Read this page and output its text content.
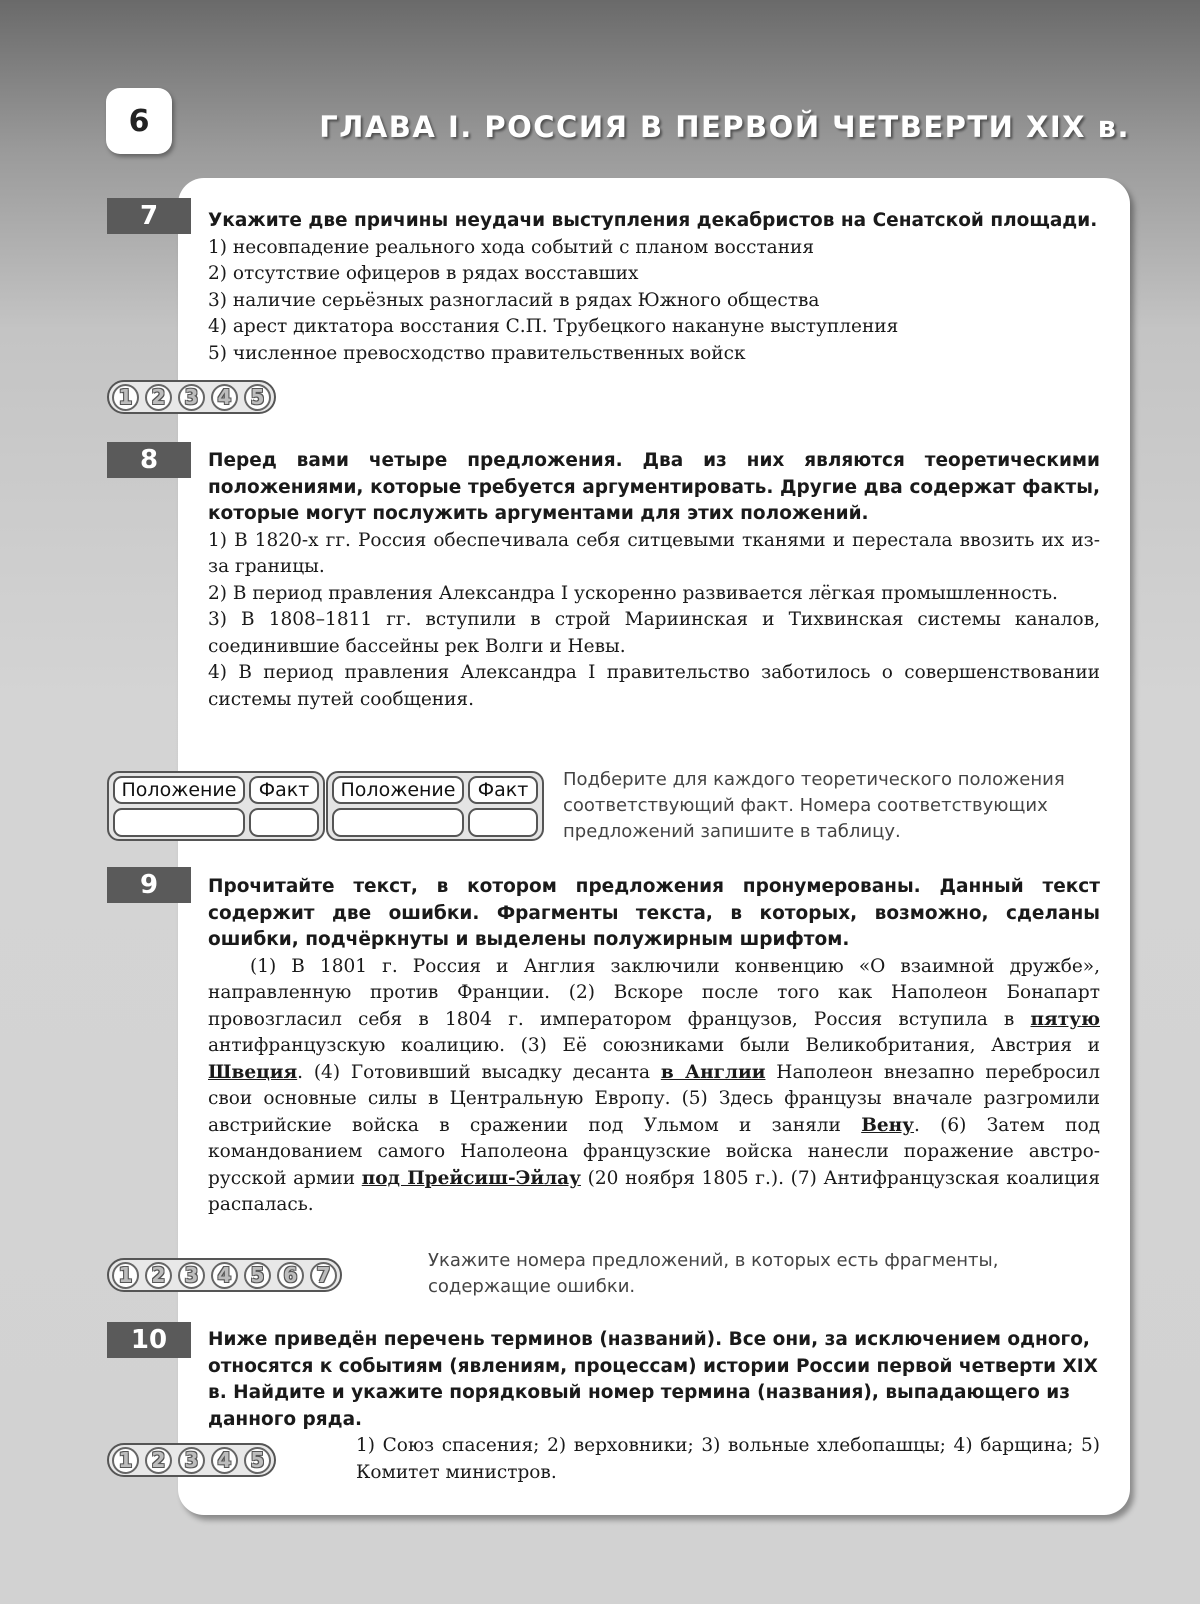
6	ГЛАВА I. РОССИЯ В ПЕРВОЙ ЧЕТВЕРТИ XIX в.
7	Укажите две причины неудачи выступления декабристов на Сенатской площади.
1) несовпадение реального хода событий с планом восстания
2) отсутствие офицеров в рядах восставших
3) наличие серьёзных разногласий в рядах Южного общества
4) арест диктатора восстания С.П. Трубецкого накануне выступления
5) численное превосходство правительственных войск
1 2 3 4 5
8	Перед вами четыре предложения. Два из них являются теоретическими положениями, которые требуется аргументировать. Другие два содержат факты, которые могут послужить аргументами для этих положений.
1) В 1820-х гг. Россия обеспечивала себя ситцевыми тканями и перестала ввозить их из-за границы.
2) В период правления Александра I ускоренно развивается лёгкая промышленность.
3) В 1808–1811 гг. вступили в строй Мариинская и Тихвинская системы каналов, соединившие бассейны рек Волги и Невы.
4) В период правления Александра I правительство заботилось о совершенствовании системы путей сообщения.
Положение	Факт	Положение	Факт	Подберите для каждого теоретического положения соответствующий факт. Номера соответствующих предложений запишите в таблицу.
9	Прочитайте текст, в котором предложения пронумерованы. Данный текст содержит две ошибки. Фрагменты текста, в которых, возможно, сделаны ошибки, подчёркнуты и выделены полужирным шрифтом.
(1) В 1801 г. Россия и Англия заключили конвенцию «О взаимной дружбе», направленную против Франции. (2) Вскоре после того как Наполеон Бонапарт провозгласил себя в 1804 г. императором французов, Россия вступила в пятую антифранцузскую коалицию. (3) Её союзниками были Великобритания, Австрия и Швеция. (4) Готовивший высадку десанта в Англии Наполеон внезапно перебросил свои основные силы в Центральную Европу. (5) Здесь французы вначале разгромили австрийские войска в сражении под Ульмом и заняли Вену. (6) Затем под командованием самого Наполеона французские войска нанесли поражение австро-русской армии под Прейсиш-Эйлау (20 ноября 1805 г.). (7) Антифранцузская коалиция распалась.
1 2 3 4 5 6 7
Укажите номера предложений, в которых есть фрагменты, содержащие ошибки.
10	Ниже приведён перечень терминов (названий). Все они, за исключением одного, относятся к событиям (явлениям, процессам) истории России первой четверти XIX в. Найдите и укажите порядковый номер термина (названия), выпадающего из данного ряда.
1) Союз спасения; 2) верховники; 3) вольные хлебопашцы; 4) барщина; 5) Комитет министров.
1 2 3 4 5
